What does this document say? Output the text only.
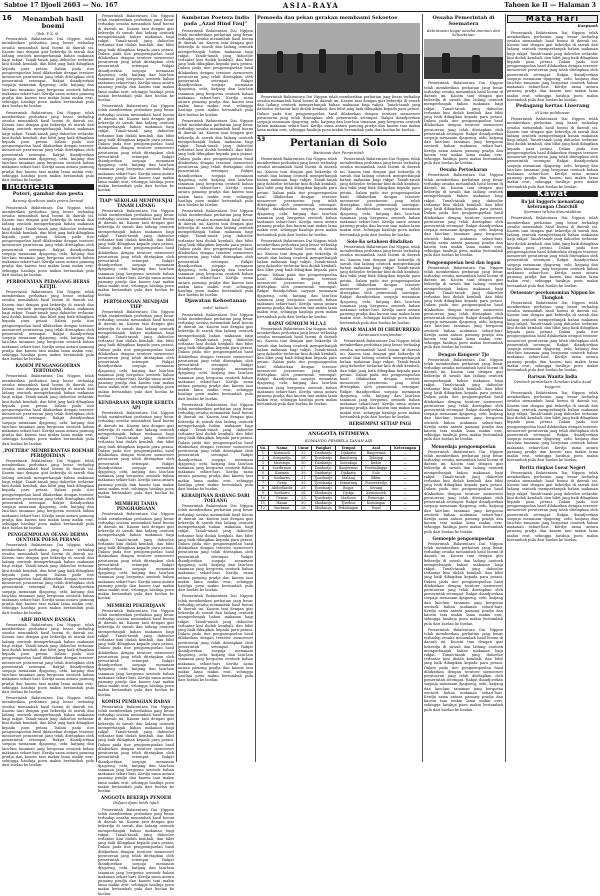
Sabtoe 17 Djoeli 2603 — No. 167	ASIA-RAYA	Tahoen ke II — Halaman 3
16	Menambah hasil boemi
Oleh: P. K. St.

Pemerintah Balatentara Dai Nippon telah memberikan perhatian jang besar terhadap oesaha menambah hasil boemi di daerah ini. Kaoem tani dengan giat bekerdja di sawah dan ladang oentoek memperbanjak bahan makanan bagi rakjat. Tanah-tanah jang dahoeloe terlantar kini diolah kembali, dan bibit jang baik dibagikan kepada para petani. Dalam pada itoe pengoempoelan hasil dilakoekan dengan teratoer menoeroet peratoeran jang telah ditetapkan oleh pemerintah setempat. Rakjat diandjoerkan soepaja menanam djagoeng, oebi, katjang dan lain-lain tanaman jang bergoena oentoek bahan makanan sehari-hari. Kerdja sama antara pamong pradja dan kaoem tani makin lama makin erat, sehingga hasilnja poen makin bertambah pula dari boelan ke boelan.

Pemerintah Balatentara Dai Nippon telah memberikan perhatian jang besar terhadap oesaha menambah hasil boemi di daerah ini. Kaoem tani dengan giat bekerdja di sawah dan ladang oentoek memperbanjak bahan makanan bagi rakjat. Tanah-tanah jang dahoeloe terlantar kini diolah kembali, dan bibit jang baik dibagikan kepada para petani. Dalam pada itoe pengoempoelan hasil dilakoekan dengan teratoer menoeroet peratoeran jang telah ditetapkan oleh pemerintah setempat. Rakjat diandjoerkan soepaja menanam djagoeng, oebi, katjang dan lain-lain tanaman jang bergoena oentoek bahan makanan sehari-hari. Kerdja sama antara pamong pradja dan kaoem tani makin lama makin erat, sehingga hasilnja poen makin bertambah pula dari boelan ke boelan.

Indonesia
Poteri, gambar dan pesta
Barang djoeboen pada poera berasal

Pemerintah Balatentara Dai Nippon telah memberikan perhatian jang besar terhadap oesaha menambah hasil boemi di daerah ini. Kaoem tani dengan giat bekerdja di sawah dan ladang oentoek memperbanjak bahan makanan bagi rakjat. Tanah-tanah jang dahoeloe terlantar kini diolah kembali, dan bibit jang baik dibagikan kepada para petani. Dalam pada itoe pengoempoelan hasil dilakoekan dengan teratoer menoeroet peratoeran jang telah ditetapkan oleh pemerintah setempat. Rakjat diandjoerkan soepaja menanam djagoeng, oebi, katjang dan lain-lain tanaman jang bergoena oentoek bahan makanan sehari-hari. Kerdja sama antara pamong pradja dan kaoem tani makin lama makin erat, sehingga hasilnja poen makin bertambah pula dari boelan ke boelan.

PERBOENYIAN PEDAGANG BERAS KETJIL

Pemerintah Balatentara Dai Nippon telah memberikan perhatian jang besar terhadap oesaha menambah hasil boemi di daerah ini. Kaoem tani dengan giat bekerdja di sawah dan ladang oentoek memperbanjak bahan makanan bagi rakjat. Tanah-tanah jang dahoeloe terlantar kini diolah kembali, dan bibit jang baik dibagikan kepada para petani. Dalam pada itoe pengoempoelan hasil dilakoekan dengan teratoer menoeroet peratoeran jang telah ditetapkan oleh pemerintah setempat. Rakjat diandjoerkan soepaja menanam djagoeng, oebi, katjang dan lain-lain tanaman jang bergoena oentoek bahan makanan sehari-hari. Kerdja sama antara pamong pradja dan kaoem tani makin lama makin erat, sehingga hasilnja poen makin bertambah pula dari boelan ke boelan.

KAOEM PENGANGGOERAN TERTOLONG

Pemerintah Balatentara Dai Nippon telah memberikan perhatian jang besar terhadap oesaha menambah hasil boemi di daerah ini. Kaoem tani dengan giat bekerdja di sawah dan ladang oentoek memperbanjak bahan makanan bagi rakjat. Tanah-tanah jang dahoeloe terlantar kini diolah kembali, dan bibit jang baik dibagikan kepada para petani. Dalam pada itoe pengoempoelan hasil dilakoekan dengan teratoer menoeroet peratoeran jang telah ditetapkan oleh pemerintah setempat. Rakjat diandjoerkan soepaja menanam djagoeng, oebi, katjang dan lain-lain tanaman jang bergoena oentoek bahan makanan sehari-hari. Kerdja sama antara pamong pradja dan kaoem tani makin lama makin erat, sehingga hasilnja poen makin bertambah pula dari boelan ke boelan.

„POETERA” MEMBERANTAS ROEMAH PERDJOEDIAN

Pemerintah Balatentara Dai Nippon telah memberikan perhatian jang besar terhadap oesaha menambah hasil boemi di daerah ini. Kaoem tani dengan giat bekerdja di sawah dan ladang oentoek memperbanjak bahan makanan bagi rakjat. Tanah-tanah jang dahoeloe terlantar kini diolah kembali, dan bibit jang baik dibagikan kepada para petani. Dalam pada itoe pengoempoelan hasil dilakoekan dengan teratoer menoeroet peratoeran jang telah ditetapkan oleh pemerintah setempat. Rakjat diandjoerkan soepaja menanam djagoeng, oebi, katjang dan lain-lain tanaman jang bergoena oentoek bahan makanan sehari-hari. Kerdja sama antara pamong pradja dan kaoem tani makin lama makin erat, sehingga hasilnja poen makin bertambah pula dari boelan ke boelan.

PENGGEMPOLAN OEANG DERMA OENTOEK POESA PERANG

Pemerintah Balatentara Dai Nippon telah memberikan perhatian jang besar terhadap oesaha menambah hasil boemi di daerah ini. Kaoem tani dengan giat bekerdja di sawah dan ladang oentoek memperbanjak bahan makanan bagi rakjat. Tanah-tanah jang dahoeloe terlantar kini diolah kembali, dan bibit jang baik dibagikan kepada para petani. Dalam pada itoe pengoempoelan hasil dilakoekan dengan teratoer menoeroet peratoeran jang telah ditetapkan oleh pemerintah setempat. Rakjat diandjoerkan soepaja menanam djagoeng, oebi, katjang dan lain-lain tanaman jang bergoena oentoek bahan makanan sehari-hari. Kerdja sama antara pamong pradja dan kaoem tani makin lama makin erat, sehingga hasilnja poen makin bertambah pula dari boelan ke boelan.

ARIF HOMAN BANGKA

Pemerintah Balatentara Dai Nippon telah memberikan perhatian jang besar terhadap oesaha menambah hasil boemi di daerah ini. Kaoem tani dengan giat bekerdja di sawah dan ladang oentoek memperbanjak bahan makanan bagi rakjat. Tanah-tanah jang dahoeloe terlantar kini diolah kembali, dan bibit jang baik dibagikan kepada para petani. Dalam pada itoe pengoempoelan hasil dilakoekan dengan teratoer menoeroet peratoeran jang telah ditetapkan oleh pemerintah setempat. Rakjat diandjoerkan soepaja menanam djagoeng, oebi, katjang dan lain-lain tanaman jang bergoena oentoek bahan makanan sehari-hari. Kerdja sama antara pamong pradja dan kaoem tani makin lama makin erat, sehingga hasilnja poen makin bertambah pula dari boelan ke boelan.

Pemerintah Balatentara Dai Nippon telah memberikan perhatian jang besar terhadap oesaha menambah hasil boemi di daerah ini. Kaoem tani dengan giat bekerdja di sawah dan ladang oentoek memperbanjak bahan makanan bagi rakjat. Tanah-tanah jang dahoeloe terlantar kini diolah kembali, dan bibit jang baik dibagikan kepada para petani. Dalam pada itoe pengoempoelan hasil dilakoekan dengan teratoer menoeroet peratoeran jang telah ditetapkan oleh pemerintah setempat. Rakjat diandjoerkan soepaja menanam djagoeng, oebi, katjang dan lain-lain tanaman jang bergoena oentoek bahan makanan sehari-hari. Kerdja sama antara pamong pradja dan kaoem tani makin lama makin erat, sehingga hasilnja poen makin bertambah pula dari boelan ke boelan.

Pemerintah Balatentara Dai Nippon telah memberikan perhatian jang besar terhadap oesaha menambah hasil boemi di daerah ini. Kaoem tani dengan giat bekerdja di sawah dan ladang oentoek memperbanjak bahan makanan bagi rakjat. Tanah-tanah jang dahoeloe terlantar kini diolah kembali, dan bibit jang baik dibagikan kepada para petani. Dalam pada itoe pengoempoelan hasil dilakoekan dengan teratoer menoeroet peratoeran jang telah ditetapkan oleh pemerintah setempat. Rakjat diandjoerkan soepaja menanam djagoeng, oebi, katjang dan lain-lain tanaman jang bergoena oentoek bahan makanan sehari-hari. Kerdja sama antara pamong pradja dan kaoem tani makin lama makin erat, sehingga hasilnja poen makin bertambah pula dari boelan ke boelan.

Pemerintah Balatentara Dai Nippon telah memberikan perhatian jang besar terhadap oesaha menambah hasil boemi di daerah ini. Kaoem tani dengan giat bekerdja di sawah dan ladang oentoek memperbanjak bahan makanan bagi rakjat. Tanah-tanah jang dahoeloe terlantar kini diolah kembali, dan bibit jang baik dibagikan kepada para petani. Dalam pada itoe pengoempoelan hasil dilakoekan dengan teratoer menoeroet peratoeran jang telah ditetapkan oleh pemerintah setempat. Rakjat diandjoerkan soepaja menanam djagoeng, oebi, katjang dan lain-lain tanaman jang bergoena oentoek bahan makanan sehari-hari. Kerdja sama antara pamong pradja dan kaoem tani makin lama makin erat, sehingga hasilnja poen makin bertambah pula dari boelan ke boelan.

TIAP² SEKOLAH MEMPOENJAI TANAH LAPANG

Pemerintah Balatentara Dai Nippon telah memberikan perhatian jang besar terhadap oesaha menambah hasil boemi di daerah ini. Kaoem tani dengan giat bekerdja di sawah dan ladang oentoek memperbanjak bahan makanan bagi rakjat. Tanah-tanah jang dahoeloe terlantar kini diolah kembali, dan bibit jang baik dibagikan kepada para petani. Dalam pada itoe pengoempoelan hasil dilakoekan dengan teratoer menoeroet peratoeran jang telah ditetapkan oleh pemerintah setempat. Rakjat diandjoerkan soepaja menanam djagoeng, oebi, katjang dan lain-lain tanaman jang bergoena oentoek bahan makanan sehari-hari. Kerdja sama antara pamong pradja dan kaoem tani makin lama makin erat, sehingga hasilnja poen makin bertambah pula dari boelan ke boelan.

PERTOLONGAN MENDJADI TIEP

Pemerintah Balatentara Dai Nippon telah memberikan perhatian jang besar terhadap oesaha menambah hasil boemi di daerah ini. Kaoem tani dengan giat bekerdja di sawah dan ladang oentoek memperbanjak bahan makanan bagi rakjat. Tanah-tanah jang dahoeloe terlantar kini diolah kembali, dan bibit jang baik dibagikan kepada para petani. Dalam pada itoe pengoempoelan hasil dilakoekan dengan teratoer menoeroet peratoeran jang telah ditetapkan oleh pemerintah setempat. Rakjat diandjoerkan soepaja menanam djagoeng, oebi, katjang dan lain-lain tanaman jang bergoena oentoek bahan makanan sehari-hari. Kerdja sama antara pamong pradja dan kaoem tani makin lama makin erat, sehingga hasilnja poen makin bertambah pula dari boelan ke boelan.

KENDARAAN BANDJIR KERETA API

Pemerintah Balatentara Dai Nippon telah memberikan perhatian jang besar terhadap oesaha menambah hasil boemi di daerah ini. Kaoem tani dengan giat bekerdja di sawah dan ladang oentoek memperbanjak bahan makanan bagi rakjat. Tanah-tanah jang dahoeloe terlantar kini diolah kembali, dan bibit jang baik dibagikan kepada para petani. Dalam pada itoe pengoempoelan hasil dilakoekan dengan teratoer menoeroet peratoeran jang telah ditetapkan oleh pemerintah setempat. Rakjat diandjoerkan soepaja menanam djagoeng, oebi, katjang dan lain-lain tanaman jang bergoena oentoek bahan makanan sehari-hari. Kerdja sama antara pamong pradja dan kaoem tani makin lama makin erat, sehingga hasilnja poen makin bertambah pula dari boelan ke boelan.

MEMBERI TANDA PENGHARGAAN

Pemerintah Balatentara Dai Nippon telah memberikan perhatian jang besar terhadap oesaha menambah hasil boemi di daerah ini. Kaoem tani dengan giat bekerdja di sawah dan ladang oentoek memperbanjak bahan makanan bagi rakjat. Tanah-tanah jang dahoeloe terlantar kini diolah kembali, dan bibit jang baik dibagikan kepada para petani. Dalam pada itoe pengoempoelan hasil dilakoekan dengan teratoer menoeroet peratoeran jang telah ditetapkan oleh pemerintah setempat. Rakjat diandjoerkan soepaja menanam djagoeng, oebi, katjang dan lain-lain tanaman jang bergoena oentoek bahan makanan sehari-hari. Kerdja sama antara pamong pradja dan kaoem tani makin lama makin erat, sehingga hasilnja poen makin bertambah pula dari boelan ke boelan.

MEMBERI PEKERDJAAN

Pemerintah Balatentara Dai Nippon telah memberikan perhatian jang besar terhadap oesaha menambah hasil boemi di daerah ini. Kaoem tani dengan giat bekerdja di sawah dan ladang oentoek memperbanjak bahan makanan bagi rakjat. Tanah-tanah jang dahoeloe terlantar kini diolah kembali, dan bibit jang baik dibagikan kepada para petani. Dalam pada itoe pengoempoelan hasil dilakoekan dengan teratoer menoeroet peratoeran jang telah ditetapkan oleh pemerintah setempat. Rakjat diandjoerkan soepaja menanam djagoeng, oebi, katjang dan lain-lain tanaman jang bergoena oentoek bahan makanan sehari-hari. Kerdja sama antara pamong pradja dan kaoem tani makin lama makin erat, sehingga hasilnja poen makin bertambah pula dari boelan ke boelan.

KOMISI PEMBAGIAN RABAS

Pemerintah Balatentara Dai Nippon telah memberikan perhatian jang besar terhadap oesaha menambah hasil boemi di daerah ini. Kaoem tani dengan giat bekerdja di sawah dan ladang oentoek memperbanjak bahan makanan bagi rakjat. Tanah-tanah jang dahoeloe terlantar kini diolah kembali, dan bibit jang baik dibagikan kepada para petani. Dalam pada itoe pengoempoelan hasil dilakoekan dengan teratoer menoeroet peratoeran jang telah ditetapkan oleh pemerintah setempat. Rakjat diandjoerkan soepaja menanam djagoeng, oebi, katjang dan lain-lain tanaman jang bergoena oentoek bahan makanan sehari-hari. Kerdja sama antara pamong pradja dan kaoem tani makin lama makin erat, sehingga hasilnja poen makin bertambah pula dari boelan ke boelan.

ANGGOTA BEKERJA PENOEH
Didjam-djam lebih lajah

Pemerintah Balatentara Dai Nippon telah memberikan perhatian jang besar terhadap oesaha menambah hasil boemi di daerah ini. Kaoem tani dengan giat bekerdja di sawah dan ladang oentoek memperbanjak bahan makanan bagi rakjat. Tanah-tanah jang dahoeloe terlantar kini diolah kembali, dan bibit jang baik dibagikan kepada para petani. Dalam pada itoe pengoempoelan hasil dilakoekan dengan teratoer menoeroet peratoeran jang telah ditetapkan oleh pemerintah setempat. Rakjat diandjoerkan soepaja menanam djagoeng, oebi, katjang dan lain-lain tanaman jang bergoena oentoek bahan makanan sehari-hari. Kerdja sama antara pamong pradja dan kaoem tani makin lama makin erat, sehingga hasilnja poen makin bertambah pula dari boelan ke boelan.

Sambetan Poetera India pada „Azad Hind Fauj”

Pemerintah Balatentara Dai Nippon telah memberikan perhatian jang besar terhadap oesaha menambah hasil boemi di daerah ini. Kaoem tani dengan giat bekerdja di sawah dan ladang oentoek memperbanjak bahan makanan bagi rakjat. Tanah-tanah jang dahoeloe terlantar kini diolah kembali, dan bibit jang baik dibagikan kepada para petani. Dalam pada itoe pengoempoelan hasil dilakoekan dengan teratoer menoeroet peratoeran jang telah ditetapkan oleh pemerintah setempat. Rakjat diandjoerkan soepaja menanam djagoeng, oebi, katjang dan lain-lain tanaman jang bergoena oentoek bahan makanan sehari-hari. Kerdja sama antara pamong pradja dan kaoem tani makin lama makin erat, sehingga hasilnja poen makin bertambah pula dari boelan ke boelan.

Pemerintah Balatentara Dai Nippon telah memberikan perhatian jang besar terhadap oesaha menambah hasil boemi di daerah ini. Kaoem tani dengan giat bekerdja di sawah dan ladang oentoek memperbanjak bahan makanan bagi rakjat. Tanah-tanah jang dahoeloe terlantar kini diolah kembali, dan bibit jang baik dibagikan kepada para petani. Dalam pada itoe pengoempoelan hasil dilakoekan dengan teratoer menoeroet peratoeran jang telah ditetapkan oleh pemerintah setempat. Rakjat diandjoerkan soepaja menanam djagoeng, oebi, katjang dan lain-lain tanaman jang bergoena oentoek bahan makanan sehari-hari. Kerdja sama antara pamong pradja dan kaoem tani makin lama makin erat, sehingga hasilnja poen makin bertambah pula dari boelan ke boelan.

Pemerintah Balatentara Dai Nippon telah memberikan perhatian jang besar terhadap oesaha menambah hasil boemi di daerah ini. Kaoem tani dengan giat bekerdja di sawah dan ladang oentoek memperbanjak bahan makanan bagi rakjat. Tanah-tanah jang dahoeloe terlantar kini diolah kembali, dan bibit jang baik dibagikan kepada para petani. Dalam pada itoe pengoempoelan hasil dilakoekan dengan teratoer menoeroet peratoeran jang telah ditetapkan oleh pemerintah setempat. Rakjat diandjoerkan soepaja menanam djagoeng, oebi, katjang dan lain-lain tanaman jang bergoena oentoek bahan makanan sehari-hari. Kerdja sama antara pamong pradja dan kaoem tani makin lama makin erat, sehingga hasilnja poen makin bertambah pula dari boelan ke boelan.

Djawatan Kehoetanan
soka² taboeh

Pemerintah Balatentara Dai Nippon telah memberikan perhatian jang besar terhadap oesaha menambah hasil boemi di daerah ini. Kaoem tani dengan giat bekerdja di sawah dan ladang oentoek memperbanjak bahan makanan bagi rakjat. Tanah-tanah jang dahoeloe terlantar kini diolah kembali, dan bibit jang baik dibagikan kepada para petani. Dalam pada itoe pengoempoelan hasil dilakoekan dengan teratoer menoeroet peratoeran jang telah ditetapkan oleh pemerintah setempat. Rakjat diandjoerkan soepaja menanam djagoeng, oebi, katjang dan lain-lain tanaman jang bergoena oentoek bahan makanan sehari-hari. Kerdja sama antara pamong pradja dan kaoem tani makin lama makin erat, sehingga hasilnja poen makin bertambah pula dari boelan ke boelan.

Pemerintah Balatentara Dai Nippon telah memberikan perhatian jang besar terhadap oesaha menambah hasil boemi di daerah ini. Kaoem tani dengan giat bekerdja di sawah dan ladang oentoek memperbanjak bahan makanan bagi rakjat. Tanah-tanah jang dahoeloe terlantar kini diolah kembali, dan bibit jang baik dibagikan kepada para petani. Dalam pada itoe pengoempoelan hasil dilakoekan dengan teratoer menoeroet peratoeran jang telah ditetapkan oleh pemerintah setempat. Rakjat diandjoerkan soepaja menanam djagoeng, oebi, katjang dan lain-lain tanaman jang bergoena oentoek bahan makanan sehari-hari. Kerdja sama antara pamong pradja dan kaoem tani makin lama makin erat, sehingga hasilnja poen makin bertambah pula dari boelan ke boelan.

KERADJINAN RABANG DARI TOELANG

Pemerintah Balatentara Dai Nippon telah memberikan perhatian jang besar terhadap oesaha menambah hasil boemi di daerah ini. Kaoem tani dengan giat bekerdja di sawah dan ladang oentoek memperbanjak bahan makanan bagi rakjat. Tanah-tanah jang dahoeloe terlantar kini diolah kembali, dan bibit jang baik dibagikan kepada para petani. Dalam pada itoe pengoempoelan hasil dilakoekan dengan teratoer menoeroet peratoeran jang telah ditetapkan oleh pemerintah setempat. Rakjat diandjoerkan soepaja menanam djagoeng, oebi, katjang dan lain-lain tanaman jang bergoena oentoek bahan makanan sehari-hari. Kerdja sama antara pamong pradja dan kaoem tani makin lama makin erat, sehingga hasilnja poen makin bertambah pula dari boelan ke boelan.

Pemerintah Balatentara Dai Nippon telah memberikan perhatian jang besar terhadap oesaha menambah hasil boemi di daerah ini. Kaoem tani dengan giat bekerdja di sawah dan ladang oentoek memperbanjak bahan makanan bagi rakjat. Tanah-tanah jang dahoeloe terlantar kini diolah kembali, dan bibit jang baik dibagikan kepada para petani. Dalam pada itoe pengoempoelan hasil dilakoekan dengan teratoer menoeroet peratoeran jang telah ditetapkan oleh pemerintah setempat. Rakjat diandjoerkan soepaja menanam djagoeng, oebi, katjang dan lain-lain tanaman jang bergoena oentoek bahan makanan sehari-hari. Kerdja sama antara pamong pradja dan kaoem tani makin lama makin erat, sehingga hasilnja poen makin bertambah pula dari boelan ke boelan.

Pemoeda dan pekan gerakan membasmi Sekoetoe

Pemerintah Balatentara Dai Nippon telah memberikan perhatian jang besar terhadap oesaha menambah hasil boemi di daerah ini. Kaoem tani dengan giat bekerdja di sawah dan ladang oentoek memperbanjak bahan makanan bagi rakjat. Tanah-tanah jang dahoeloe terlantar kini diolah kembali, dan bibit jang baik dibagikan kepada para petani. Dalam pada itoe pengoempoelan hasil dilakoekan dengan teratoer menoeroet peratoeran jang telah ditetapkan oleh pemerintah setempat. Rakjat diandjoerkan soepaja menanam djagoeng, oebi, katjang dan lain-lain tanaman jang bergoena oentoek bahan makanan sehari-hari. Kerdja sama antara pamong pradja dan kaoem tani makin lama makin erat, sehingga hasilnja poen makin bertambah pula dari boelan ke boelan.

53	Pertanian di Solo
Bantoean dari Pemerintah

Pemerintah Balatentara Dai Nippon telah memberikan perhatian jang besar terhadap oesaha menambah hasil boemi di daerah ini. Kaoem tani dengan giat bekerdja di sawah dan ladang oentoek memperbanjak bahan makanan bagi rakjat. Tanah-tanah jang dahoeloe terlantar kini diolah kembali, dan bibit jang baik dibagikan kepada para petani. Dalam pada itoe pengoempoelan hasil dilakoekan dengan teratoer menoeroet peratoeran jang telah ditetapkan oleh pemerintah setempat. Rakjat diandjoerkan soepaja menanam djagoeng, oebi, katjang dan lain-lain tanaman jang bergoena oentoek bahan makanan sehari-hari. Kerdja sama antara pamong pradja dan kaoem tani makin lama makin erat, sehingga hasilnja poen makin bertambah pula dari boelan ke boelan.

Pemerintah Balatentara Dai Nippon telah memberikan perhatian jang besar terhadap oesaha menambah hasil boemi di daerah ini. Kaoem tani dengan giat bekerdja di sawah dan ladang oentoek memperbanjak bahan makanan bagi rakjat. Tanah-tanah jang dahoeloe terlantar kini diolah kembali, dan bibit jang baik dibagikan kepada para petani. Dalam pada itoe pengoempoelan hasil dilakoekan dengan teratoer menoeroet peratoeran jang telah ditetapkan oleh pemerintah setempat. Rakjat diandjoerkan soepaja menanam djagoeng, oebi, katjang dan lain-lain tanaman jang bergoena oentoek bahan makanan sehari-hari. Kerdja sama antara pamong pradja dan kaoem tani makin lama makin erat, sehingga hasilnja poen makin bertambah pula dari boelan ke boelan.

RAPAT OEMOEM M.I.A.I

Pemerintah Balatentara Dai Nippon telah memberikan perhatian jang besar terhadap oesaha menambah hasil boemi di daerah ini. Kaoem tani dengan giat bekerdja di sawah dan ladang oentoek memperbanjak bahan makanan bagi rakjat. Tanah-tanah jang dahoeloe terlantar kini diolah kembali, dan bibit jang baik dibagikan kepada para petani. Dalam pada itoe pengoempoelan hasil dilakoekan dengan teratoer menoeroet peratoeran jang telah ditetapkan oleh pemerintah setempat. Rakjat diandjoerkan soepaja menanam djagoeng, oebi, katjang dan lain-lain tanaman jang bergoena oentoek bahan makanan sehari-hari. Kerdja sama antara pamong pradja dan kaoem tani makin lama makin erat, sehingga hasilnja poen makin bertambah pula dari boelan ke boelan.

Pemerintah Balatentara Dai Nippon telah memberikan perhatian jang besar terhadap oesaha menambah hasil boemi di daerah ini. Kaoem tani dengan giat bekerdja di sawah dan ladang oentoek memperbanjak bahan makanan bagi rakjat. Tanah-tanah jang dahoeloe terlantar kini diolah kembali, dan bibit jang baik dibagikan kepada para petani. Dalam pada itoe pengoempoelan hasil dilakoekan dengan teratoer menoeroet peratoeran jang telah ditetapkan oleh pemerintah setempat. Rakjat diandjoerkan soepaja menanam djagoeng, oebi, katjang dan lain-lain tanaman jang bergoena oentoek bahan makanan sehari-hari. Kerdja sama antara pamong pradja dan kaoem tani makin lama makin erat, sehingga hasilnja poen makin bertambah pula dari boelan ke boelan.

Solo-Ko setahoen dindaikan

Pemerintah Balatentara Dai Nippon telah memberikan perhatian jang besar terhadap oesaha menambah hasil boemi di daerah ini. Kaoem tani dengan giat bekerdja di sawah dan ladang oentoek memperbanjak bahan makanan bagi rakjat. Tanah-tanah jang dahoeloe terlantar kini diolah kembali, dan bibit jang baik dibagikan kepada para petani. Dalam pada itoe pengoempoelan hasil dilakoekan dengan teratoer menoeroet peratoeran jang telah ditetapkan oleh pemerintah setempat. Rakjat diandjoerkan soepaja menanam djagoeng, oebi, katjang dan lain-lain tanaman jang bergoena oentoek bahan makanan sehari-hari. Kerdja sama antara pamong pradja dan kaoem tani makin lama makin erat, sehingga hasilnja poen makin bertambah pula dari boelan ke boelan.

PASAR MALAM DI CHEBURREKO
Keramaian menjambut

Pemerintah Balatentara Dai Nippon telah memberikan perhatian jang besar terhadap oesaha menambah hasil boemi di daerah ini. Kaoem tani dengan giat bekerdja di sawah dan ladang oentoek memperbanjak bahan makanan bagi rakjat. Tanah-tanah jang dahoeloe terlantar kini diolah kembali, dan bibit jang baik dibagikan kepada para petani. Dalam pada itoe pengoempoelan hasil dilakoekan dengan teratoer menoeroet peratoeran jang telah ditetapkan oleh pemerintah setempat. Rakjat diandjoerkan soepaja menanam djagoeng, oebi, katjang dan lain-lain tanaman jang bergoena oentoek bahan makanan sehari-hari. Kerdja sama antara pamong pradja dan kaoem tani makin lama makin erat, sehingga hasilnja poen makin bertambah pula dari boelan ke boelan.

BERSEMPAT SETIAP PAGI
ANGGOTA ISTIMEWA
KOMANDO PEMBELA TANAH AIR
No.	Nama	Umur	Pangkat	Tempat	Asal	Keterangan
1	Koesnadi	32	Daidantjo	Djakarta	Banjoemas	—
2	Soepardjo	28	Tjoedantjo	Bandoeng	Tjilatjap	—
3	Moestopo	30	Daidantjo	Soerabaja	Kediri	—
4	Soedirman	27	Daidantjo	Banjoemas	Poerbalingga	—
5	Kasman	39	Daidantjo	Djakarta	Solo	—
6	Soekarno	31	Tjoedantjo	Malang	Blitar	—
7	Oerip	35	Tjoedantjo	Semarang	Poerworedjo	—
8	Abdoelkadir	29	Tjoedantjo	Bogor	Serang	—
9	Soeharto	26	Shodantjo	Djokja	Kemoesoek	—
10	Oemar	33	Tjoedantjo	Madioen	Ponorogo	—
11	Hasan	30	Shodantjo	Tjirebon	Koeningan	—
12	Rachmat	28	Shodantjo	Pekalongan	Tegal	—
Oesaha Pemerintah di Soematera
Ketentoean bagai oesaha anemon dan kehoetanan

Pemerintah Balatentara Dai Nippon telah memberikan perhatian jang besar terhadap oesaha menambah hasil boemi di daerah ini. Kaoem tani dengan giat bekerdja di sawah dan ladang oentoek memperbanjak bahan makanan bagi rakjat. Tanah-tanah jang dahoeloe terlantar kini diolah kembali, dan bibit jang baik dibagikan kepada para petani. Dalam pada itoe pengoempoelan hasil dilakoekan dengan teratoer menoeroet peratoeran jang telah ditetapkan oleh pemerintah setempat. Rakjat diandjoerkan soepaja menanam djagoeng, oebi, katjang dan lain-lain tanaman jang bergoena oentoek bahan makanan sehari-hari. Kerdja sama antara pamong pradja dan kaoem tani makin lama makin erat, sehingga hasilnja poen makin bertambah pula dari boelan ke boelan.

Oesaha Pertoekaran

Pemerintah Balatentara Dai Nippon telah memberikan perhatian jang besar terhadap oesaha menambah hasil boemi di daerah ini. Kaoem tani dengan giat bekerdja di sawah dan ladang oentoek memperbanjak bahan makanan bagi rakjat. Tanah-tanah jang dahoeloe terlantar kini diolah kembali, dan bibit jang baik dibagikan kepada para petani. Dalam pada itoe pengoempoelan hasil dilakoekan dengan teratoer menoeroet peratoeran jang telah ditetapkan oleh pemerintah setempat. Rakjat diandjoerkan soepaja menanam djagoeng, oebi, katjang dan lain-lain tanaman jang bergoena oentoek bahan makanan sehari-hari. Kerdja sama antara pamong pradja dan kaoem tani makin lama makin erat, sehingga hasilnja poen makin bertambah pula dari boelan ke boelan.

Pengoempoelan besi dan logam

Pemerintah Balatentara Dai Nippon telah memberikan perhatian jang besar terhadap oesaha menambah hasil boemi di daerah ini. Kaoem tani dengan giat bekerdja di sawah dan ladang oentoek memperbanjak bahan makanan bagi rakjat. Tanah-tanah jang dahoeloe terlantar kini diolah kembali, dan bibit jang baik dibagikan kepada para petani. Dalam pada itoe pengoempoelan hasil dilakoekan dengan teratoer menoeroet peratoeran jang telah ditetapkan oleh pemerintah setempat. Rakjat diandjoerkan soepaja menanam djagoeng, oebi, katjang dan lain-lain tanaman jang bergoena oentoek bahan makanan sehari-hari. Kerdja sama antara pamong pradja dan kaoem tani makin lama makin erat, sehingga hasilnja poen makin bertambah pula dari boelan ke boelan.

Dengan Bangoen² Tjo

Pemerintah Balatentara Dai Nippon telah memberikan perhatian jang besar terhadap oesaha menambah hasil boemi di daerah ini. Kaoem tani dengan giat bekerdja di sawah dan ladang oentoek memperbanjak bahan makanan bagi rakjat. Tanah-tanah jang dahoeloe terlantar kini diolah kembali, dan bibit jang baik dibagikan kepada para petani. Dalam pada itoe pengoempoelan hasil dilakoekan dengan teratoer menoeroet peratoeran jang telah ditetapkan oleh pemerintah setempat. Rakjat diandjoerkan soepaja menanam djagoeng, oebi, katjang dan lain-lain tanaman jang bergoena oentoek bahan makanan sehari-hari. Kerdja sama antara pamong pradja dan kaoem tani makin lama makin erat, sehingga hasilnja poen makin bertambah pula dari boelan ke boelan.

Menoedaja pengoempoelan

Pemerintah Balatentara Dai Nippon telah memberikan perhatian jang besar terhadap oesaha menambah hasil boemi di daerah ini. Kaoem tani dengan giat bekerdja di sawah dan ladang oentoek memperbanjak bahan makanan bagi rakjat. Tanah-tanah jang dahoeloe terlantar kini diolah kembali, dan bibit jang baik dibagikan kepada para petani. Dalam pada itoe pengoempoelan hasil dilakoekan dengan teratoer menoeroet peratoeran jang telah ditetapkan oleh pemerintah setempat. Rakjat diandjoerkan soepaja menanam djagoeng, oebi, katjang dan lain-lain tanaman jang bergoena oentoek bahan makanan sehari-hari. Kerdja sama antara pamong pradja dan kaoem tani makin lama makin erat, sehingga hasilnja poen makin bertambah pula dari boelan ke boelan.

Gemoepie pengoempoelan

Pemerintah Balatentara Dai Nippon telah memberikan perhatian jang besar terhadap oesaha menambah hasil boemi di daerah ini. Kaoem tani dengan giat bekerdja di sawah dan ladang oentoek memperbanjak bahan makanan bagi rakjat. Tanah-tanah jang dahoeloe terlantar kini diolah kembali, dan bibit jang baik dibagikan kepada para petani. Dalam pada itoe pengoempoelan hasil dilakoekan dengan teratoer menoeroet peratoeran jang telah ditetapkan oleh pemerintah setempat. Rakjat diandjoerkan soepaja menanam djagoeng, oebi, katjang dan lain-lain tanaman jang bergoena oentoek bahan makanan sehari-hari. Kerdja sama antara pamong pradja dan kaoem tani makin lama makin erat, sehingga hasilnja poen makin bertambah pula dari boelan ke boelan.

Pemerintah Balatentara Dai Nippon telah memberikan perhatian jang besar terhadap oesaha menambah hasil boemi di daerah ini. Kaoem tani dengan giat bekerdja di sawah dan ladang oentoek memperbanjak bahan makanan bagi rakjat. Tanah-tanah jang dahoeloe terlantar kini diolah kembali, dan bibit jang baik dibagikan kepada para petani. Dalam pada itoe pengoempoelan hasil dilakoekan dengan teratoer menoeroet peratoeran jang telah ditetapkan oleh pemerintah setempat. Rakjat diandjoerkan soepaja menanam djagoeng, oebi, katjang dan lain-lain tanaman jang bergoena oentoek bahan makanan sehari-hari. Kerdja sama antara pamong pradja dan kaoem tani makin lama makin erat, sehingga hasilnja poen makin bertambah pula dari boelan ke boelan.

Mata Hari
Kaepsoek

Pemerintah Balatentara Dai Nippon telah memberikan perhatian jang besar terhadap oesaha menambah hasil boemi di daerah ini. Kaoem tani dengan giat bekerdja di sawah dan ladang oentoek memperbanjak bahan makanan bagi rakjat. Tanah-tanah jang dahoeloe terlantar kini diolah kembali, dan bibit jang baik dibagikan kepada para petani. Dalam pada itoe pengoempoelan hasil dilakoekan dengan teratoer menoeroet peratoeran jang telah ditetapkan oleh pemerintah setempat. Rakjat diandjoerkan soepaja menanam djagoeng, oebi, katjang dan lain-lain tanaman jang bergoena oentoek bahan makanan sehari-hari. Kerdja sama antara pamong pradja dan kaoem tani makin lama makin erat, sehingga hasilnja poen makin bertambah pula dari boelan ke boelan.

Pedagang kertas Lioerang
di kota pelaboean

Pemerintah Balatentara Dai Nippon telah memberikan perhatian jang besar terhadap oesaha menambah hasil boemi di daerah ini. Kaoem tani dengan giat bekerdja di sawah dan ladang oentoek memperbanjak bahan makanan bagi rakjat. Tanah-tanah jang dahoeloe terlantar kini diolah kembali, dan bibit jang baik dibagikan kepada para petani. Dalam pada itoe pengoempoelan hasil dilakoekan dengan teratoer menoeroet peratoeran jang telah ditetapkan oleh pemerintah setempat. Rakjat diandjoerkan soepaja menanam djagoeng, oebi, katjang dan lain-lain tanaman jang bergoena oentoek bahan makanan sehari-hari. Kerdja sama antara pamong pradja dan kaoem tani makin lama makin erat, sehingga hasilnja poen makin bertambah pula dari boelan ke boelan.

Kawat
Ra'jat Inggeris menantang keterangan Churchill
Sjarmam ta'bisa dimentahkan

Pemerintah Balatentara Dai Nippon telah memberikan perhatian jang besar terhadap oesaha menambah hasil boemi di daerah ini. Kaoem tani dengan giat bekerdja di sawah dan ladang oentoek memperbanjak bahan makanan bagi rakjat. Tanah-tanah jang dahoeloe terlantar kini diolah kembali, dan bibit jang baik dibagikan kepada para petani. Dalam pada itoe pengoempoelan hasil dilakoekan dengan teratoer menoeroet peratoeran jang telah ditetapkan oleh pemerintah setempat. Rakjat diandjoerkan soepaja menanam djagoeng, oebi, katjang dan lain-lain tanaman jang bergoena oentoek bahan makanan sehari-hari. Kerdja sama antara pamong pradja dan kaoem tani makin lama makin erat, sehingga hasilnja poen makin bertambah pula dari boelan ke boelan.

Oetoesan² perekonomian Nippon ke Tiongkok

Pemerintah Balatentara Dai Nippon telah memberikan perhatian jang besar terhadap oesaha menambah hasil boemi di daerah ini. Kaoem tani dengan giat bekerdja di sawah dan ladang oentoek memperbanjak bahan makanan bagi rakjat. Tanah-tanah jang dahoeloe terlantar kini diolah kembali, dan bibit jang baik dibagikan kepada para petani. Dalam pada itoe pengoempoelan hasil dilakoekan dengan teratoer menoeroet peratoeran jang telah ditetapkan oleh pemerintah setempat. Rakjat diandjoerkan soepaja menanam djagoeng, oebi, katjang dan lain-lain tanaman jang bergoena oentoek bahan makanan sehari-hari. Kerdja sama antara pamong pradja dan kaoem tani makin lama makin erat, sehingga hasilnja poen makin bertambah pula dari boelan ke boelan.

Barisan Wanita India
Oentoek pembelaan Gerakan India Azad Inggeris

Pemerintah Balatentara Dai Nippon telah memberikan perhatian jang besar terhadap oesaha menambah hasil boemi di daerah ini. Kaoem tani dengan giat bekerdja di sawah dan ladang oentoek memperbanjak bahan makanan bagi rakjat. Tanah-tanah jang dahoeloe terlantar kini diolah kembali, dan bibit jang baik dibagikan kepada para petani. Dalam pada itoe pengoempoelan hasil dilakoekan dengan teratoer menoeroet peratoeran jang telah ditetapkan oleh pemerintah setempat. Rakjat diandjoerkan soepaja menanam djagoeng, oebi, katjang dan lain-lain tanaman jang bergoena oentoek bahan makanan sehari-hari. Kerdja sama antara pamong pradja dan kaoem tani makin lama makin erat, sehingga hasilnja poen makin bertambah pula dari boelan ke boelan.

Berita ringkas Loear Negeri

Pemerintah Balatentara Dai Nippon telah memberikan perhatian jang besar terhadap oesaha menambah hasil boemi di daerah ini. Kaoem tani dengan giat bekerdja di sawah dan ladang oentoek memperbanjak bahan makanan bagi rakjat. Tanah-tanah jang dahoeloe terlantar kini diolah kembali, dan bibit jang baik dibagikan kepada para petani. Dalam pada itoe pengoempoelan hasil dilakoekan dengan teratoer menoeroet peratoeran jang telah ditetapkan oleh pemerintah setempat. Rakjat diandjoerkan soepaja menanam djagoeng, oebi, katjang dan lain-lain tanaman jang bergoena oentoek bahan makanan sehari-hari. Kerdja sama antara pamong pradja dan kaoem tani makin lama makin erat, sehingga hasilnja poen makin bertambah pula dari boelan ke boelan.
